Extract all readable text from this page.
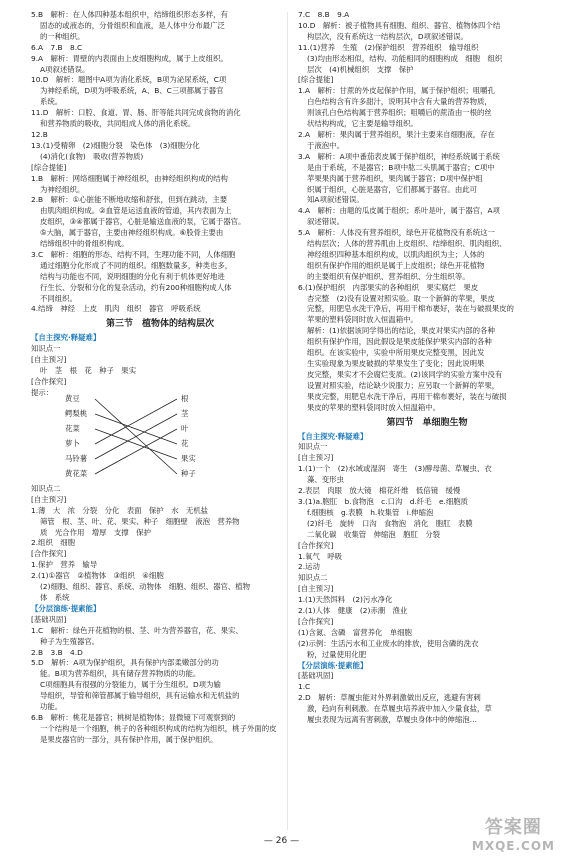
5.B　解析：在人体四种基本组织中，结缔组织形态多样，有
固态的或液态的，分骨组织和血液，是人体中分布最广泛
的一种组织。
6.A　7.B　8.C
9.A　解析：胃壁的内表面由上皮细胞构成，属于上皮组织。
A项叙述错误。
10.D　解析：题图中A项为消化系统，B项为泌尿系统，C项
为神经系统，D项为呼吸系统，A、B、C三项都属于器官
系统。
11.D　解析：口腔、食道、胃、肠、肝等能共同完成食物的消化
和营养物质的吸收，共同组成人体的消化系统。
12.B
13.(1)受精卵　(2)细胞分裂　染色体　(3)细胞分化
(4)消化(食物)　吸收(营养物质)
[ 综合提能 ]
1.B　解析：网络细胞属于神经组织，由神经组织构成的结构
为神经组织。
2.B　解析：①心脏能不断地收缩和舒张，但到在跳动，主要
由肌肉组织构成。②血管是运送血液的管道，其内表面为上
皮组织，③④都属于器官，心脏是输送血液的泵，它属于器官。
⑤大脑，属于器官，主要由神经组织构成。⑥股骨主要由
结缔组织中的骨组织构成。
3.C　解析：细胞的形态、结构不同，生理功能不同，人体细胞
通过细胞分化形成了不同的组织。细胞数量多，种类也多，
结构与功能也不同，说明细胞的分化有利于机体更好地进
行生长、分裂和分化的复杂活动，约有200种细胞构成人体
不同组织。
4.结缔　神经　上皮　肌肉　组织　器官　呼吸系统
第三节　植物体的结构层次
【 自主探究·释疑难 】
知识点一
[自主预习]
叶　茎　根　花　种子　果实
[合作探究]
提示：
黄豆
鳄梨桃
花菜
萝卜
马铃薯
黄花菜
根
茎
叶
花
果实
种子
知识点二
[自主预习]
1.薄　大　浓　分裂　分化　表面　保护　水　无机盐
筛管　根、茎、叶、花、果实、种子　细胞壁　液泡　营养物
质　光合作用　增厚　支撑　保护
2.组织　细胞
[合作探究]
1.保护　营养　输导
2.(1)①器官　②植物体　③组织　④细胞
(2)细胞、组织、器官、系统、动物体　细胞、组织、器官、植物
体　系统
【 分层演练·提素能 】
[基础巩固]
1.C　解析：绿色开花植物的根、茎、叶为营养器官，花、果实、
种子为生殖器官。
2.B　3.B　4.D
5.D　解析：A项为保护组织，具有保护内部柔嫩部分的功
能。B项为营养组织，具有储存营养物质的功能。
C项细胞具有很强的分裂能力，属于分生组织。D项为输
导组织，导管和筛管都属于输导组织，具有运输水和无机盐的
功能。
6.B　解析：桃花是器官；桃树是植物体；显微镜下可观察到的
一个结构是一个细胞，桃子的各种组织构成的结构为组织，桃子外面的皮
是果皮器官的一部分，具有保护作用，属于保护组织。
7.C　8.B　9.A
10.D　解析：被子植物具有细胞、组织、器官、植物体四个结
构层次，没有系统这一结构层次，D项叙述错误。
11.(1)营养　生殖　(2)保护组织　营养组织　输导组织
(3)均由形态相似，结构、功能相同的细胞构成　细胞　组织
层次　(4)机械组织　支撑　保护
[ 综合提能 ]
1.A　解析：甘蔗的外皮起保护作用，属于保护组织；咀嚼孔
白色结构含有许多甜汁，说明其中含有大量的营养物质，
则该孔白色结构属于营养组织；咀嚼后的蔗渣由一根的丝
状结构构成，它主要是输导组织。
2.A　解析：果肉属于营养组织，果汁主要来自细胞液，存在
于液泡中。
3.A　解析：A项中番茄表皮属于保护组织，神经系统属于系统
是由于系统，不是器官；B项中肱二头肌属于器官；C项中
苹果果肉属于营养组织，果肉属于器官；D项中保护组
织属于组织，心脏是器官，它们都属于器官。由此可
知A项叙述错误。
4.A　解析：由题的瓜皮属于组织；系叶是叶，属于器官，A项
叙述错误。
5.A　解析：人体没有营养组织，绿色开花植物没有系统这一
结构层次；人体的营养肌由上皮组织、结缔组织、肌肉组织、
神经组织四种基本组织构成，以肌肉组织为主；人体的
组织有保护作用的组织是属于上皮组织；绿色开花植物
的主要组织有保护组织、营养组织、分生组织等。
6.(1)保护组织　内部果实的各种组织　果实腐烂　果皮
杏完整　(2)没有设置对照实验。取一个新鲜的苹果，果皮
完整，用肥皂水洗干净后，再用干棉布裹好，装在与破损果皮的
苹果的塑料袋同时放入恒温箱中。
解析：(1)依据该同学得出的结论，果皮对果实内部的各种
组织有保护作用，因此假设是果皮能保护果实内部的各种
组织。在该实验中，实验中所用果皮完整变黑，因此发
生实验现象为果皮破损的苹果发生了变化；因此说明果
皮完整，果实才不会腐烂变质。(2)该同学的实验方案中没有
设置对照实验，结论缺少说服力；应另取一个新鲜的苹果，
果皮完整，用肥皂水洗干净后，再用干棉布裹好，装在与破损
果皮的苹果的塑料袋同时放入恒温箱中。
第四节　单细胞生物
【 自主探究·释疑难 】
知识点一
[自主预习]
1.(1)一个　(2)水域或湿润　寄生　(3)酵母菌、草履虫、衣
藻、变形虫
2.表层　肉眼　放大镜　棉花纤维　低倍镜　缓慢
3.(1)a.胞肛　b.食物泡　c.口沟　d.纤毛　e.细胞质
f.细胞核　g.表膜　h.收集管　i.伸缩泡
(2)纤毛　旋转　口沟　食物泡　消化　胞肛　表膜
二氧化碳　收集管　伸缩泡　胞肛　分裂
[合作探究]
1.氧气　呼吸
2.运动
知识点二
[自主预习]
1.(1)天然饵料　(2)污水净化
2.(1)人体　健康　(2)赤潮　渔业
[合作探究]
(1)含氮、含磷　富营养化　单细胞
(2)示例：生活污水和工业废水的排放，使用含磷的洗衣
粉，过量使用化肥
【 分层演练·提素能 】
[基础巩固]
1.C
2.D　解析：草履虫能对外界刺激做出反应，逃避有害刺
激，趋向有利刺激。在草履虫培养液中加入少量食盐，草
履虫表现为远离有害刺激，草履虫身体中的伸缩泡…
— 26 —
答案圈
MXQE.COM
